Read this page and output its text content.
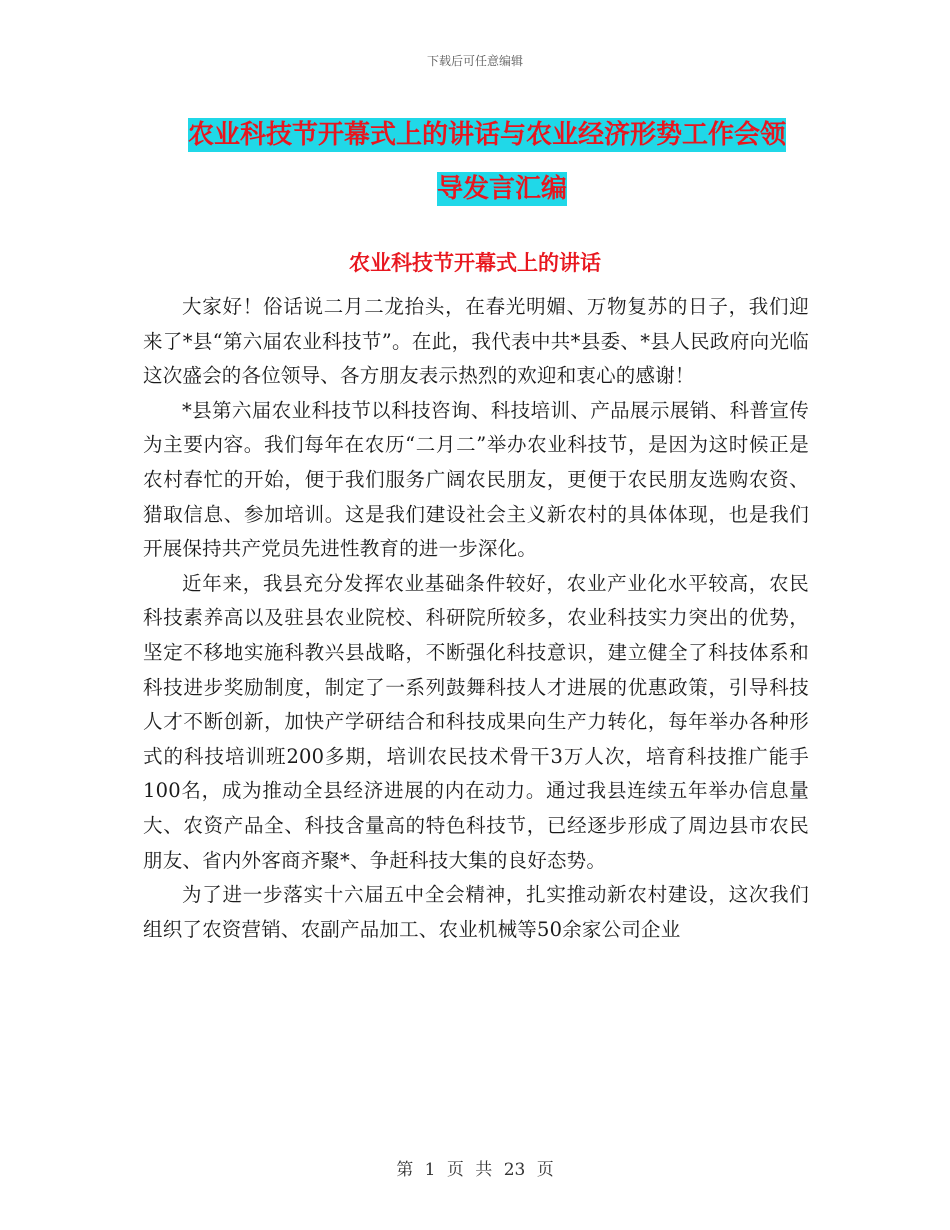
下载后可任意编辑
农业科技节开幕式上的讲话与农业经济形势工作会领
导发言汇编
农业科技节开幕式上的讲话

大家好！俗话说二月二龙抬头，在春光明媚、万物复苏的日子，我们迎来了*县“第六届农业科技节”。在此，我代表中共*县委、*县人民政府向光临这次盛会的各位领导、各方朋友表示热烈的欢迎和衷心的感谢！

*县第六届农业科技节以科技咨询、科技培训、产品展示展销、科普宣传为主要内容。我们每年在农历“二月二”举办农业科技节，是因为这时候正是农村春忙的开始，便于我们服务广阔农民朋友，更便于农民朋友选购农资、猎取信息、参加培训。这是我们建设社会主义新农村的具体体现，也是我们开展保持共产党员先进性教育的进一步深化。

近年来，我县充分发挥农业基础条件较好，农业产业化水平较高，农民科技素养高以及驻县农业院校、科研院所较多，农业科技实力突出的优势，坚定不移地实施科教兴县战略，不断强化科技意识，建立健全了科技体系和科技进步奖励制度，制定了一系列鼓舞科技人才进展的优惠政策，引导科技人才不断创新，加快产学研结合和科技成果向生产力转化，每年举办各种形式的科技培训班200多期，培训农民技术骨干3万人次，培育科技推广能手100名，成为推动全县经济进展的内在动力。通过我县连续五年举办信息量大、农资产品全、科技含量高的特色科技节，已经逐步形成了周边县市农民朋友、省内外客商齐聚*、争赶科技大集的良好态势。

为了进一步落实十六届五中全会精神，扎实推动新农村建设，这次我们组织了农资营销、农副产品加工、农业机械等50余家公司企业

第 1 页 共 23 页
